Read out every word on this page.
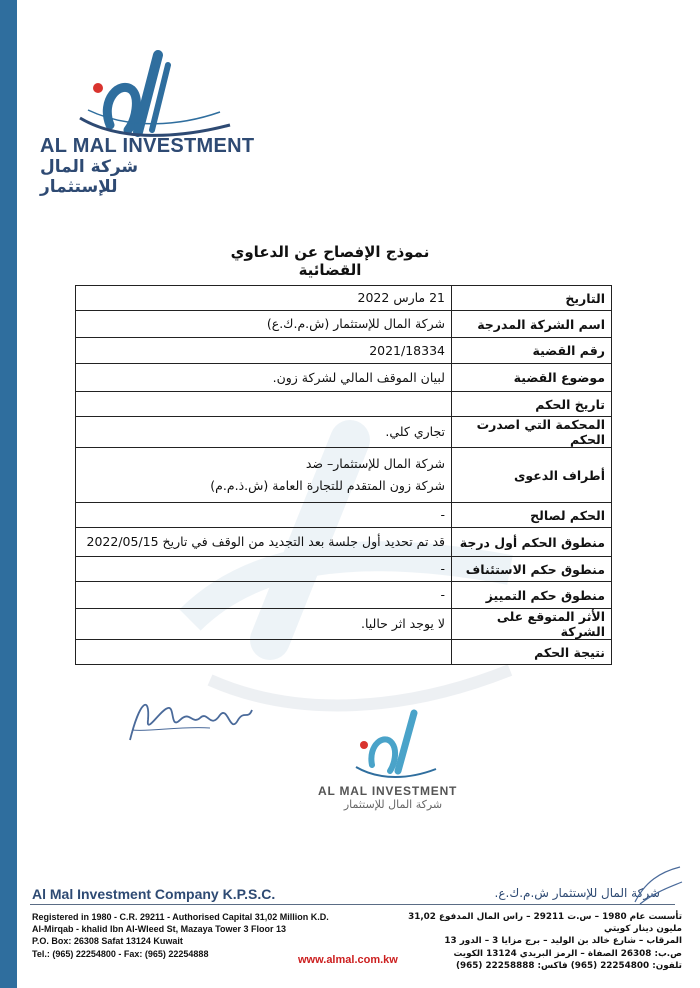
AL MAL INVESTMENT
شركة المال للإستثمار
نموذج الإفصاح عن الدعاوي القضائية
التاريخ	21 مارس 2022

اسم الشركة المدرجة	شركة المال للإستثمار (ش.م.ك.ع)

رقم القضية	2021/18334

موضوع القضية	لبيان الموقف المالي لشركة زون.

تاريخ الحكم	

المحكمة التي اصدرت الحكم	تجاري كلي.

أطراف الدعوى	شركة المال للإستثمار– ضد
شركة زون المتقدم للتجارة العامة (ش.ذ.م.م)

الحكم لصالح	-

منطوق الحكم أول درجة	قد تم تحديد أول جلسة بعد التجديد من الوقف في تاريخ 2022/05/15

منطوق حكم الاستئناف	-

منطوق حكم التمييز	-

الأثر المتوقع على الشركة	لا يوجد اثر حاليا.

نتيجة الحكم	
AL MAL INVESTMENT
شركة المال للإستثمار
Al Mal Investment Company K.P.S.C.	شركة المال للإستثمار ش.م.ك.ع.
Registered in 1980 - C.R. 29211 - Authorised Capital 31,02 Million K.D.
Al-Mirqab - khalid Ibn Al-Wleed St, Mazaya Tower 3 Floor 13
P.O. Box: 26308 Safat 13124 Kuwait
Tel.: (965) 22254800 - Fax: (965) 22254888
تأسست عام 1980 – س.ت 29211 – راس المال المدفوع 31,02 مليون دينار كويتي
المرقاب – شارع خالد بن الوليد – برج مزايا 3 – الدور 13
ص.ب: 26308 الصفاة – الرمز البريدي 13124 الكويت
تلفون: 22254800 (965) فاكس: 22258888 (965)
www.almal.com.kw
